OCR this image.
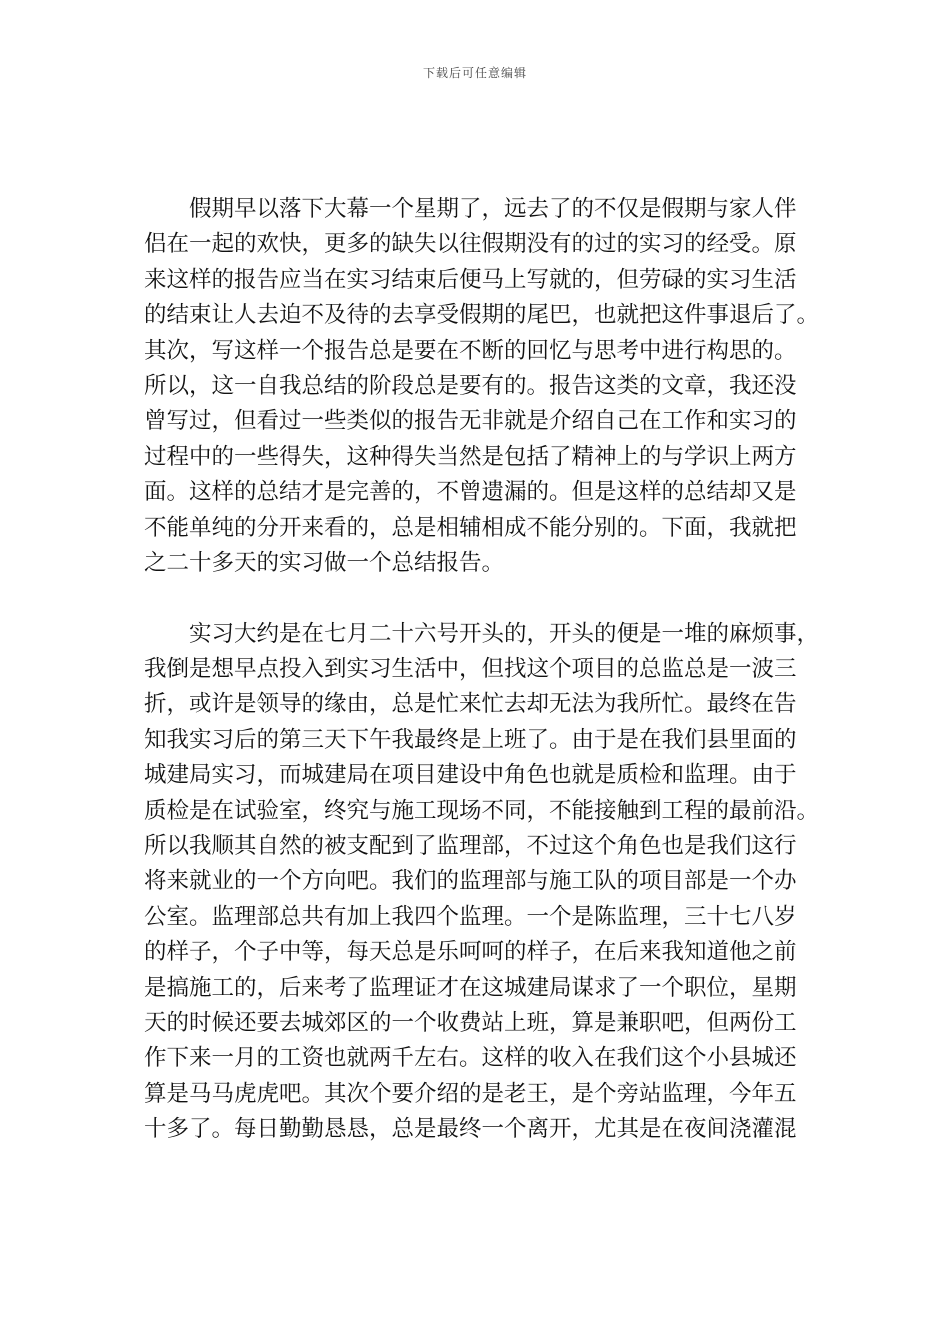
下载后可任意编辑
　　假期早以落下大幕一个星期了，远去了的不仅是假期与家人伴
侣在一起的欢快，更多的缺失以往假期没有的过的实习的经受。原
来这样的报告应当在实习结束后便马上写就的，但劳碌的实习生活
的结束让人去迫不及待的去享受假期的尾巴，也就把这件事退后了。
其次，写这样一个报告总是要在不断的回忆与思考中进行构思的。
所以，这一自我总结的阶段总是要有的。报告这类的文章，我还没
曾写过，但看过一些类似的报告无非就是介绍自己在工作和实习的
过程中的一些得失，这种得失当然是包括了精神上的与学识上两方
面。这样的总结才是完善的，不曾遗漏的。但是这样的总结却又是
不能单纯的分开来看的，总是相辅相成不能分别的。下面，我就把
之二十多天的实习做一个总结报告。
　　实习大约是在七月二十六号开头的，开头的便是一堆的麻烦事，
我倒是想早点投入到实习生活中，但找这个项目的总监总是一波三
折，或许是领导的缘由，总是忙来忙去却无法为我所忙。最终在告
知我实习后的第三天下午我最终是上班了。由于是在我们县里面的
城建局实习，而城建局在项目建设中角色也就是质检和监理。由于
质检是在试验室，终究与施工现场不同，不能接触到工程的最前沿。
所以我顺其自然的被支配到了监理部，不过这个角色也是我们这行
将来就业的一个方向吧。我们的监理部与施工队的项目部是一个办
公室。监理部总共有加上我四个监理。一个是陈监理，三十七八岁
的样子，个子中等，每天总是乐呵呵的样子，在后来我知道他之前
是搞施工的，后来考了监理证才在这城建局谋求了一个职位，星期
天的时候还要去城郊区的一个收费站上班，算是兼职吧，但两份工
作下来一月的工资也就两千左右。这样的收入在我们这个小县城还
算是马马虎虎吧。其次个要介绍的是老王，是个旁站监理，今年五
十多了。每日勤勤恳恳，总是最终一个离开，尤其是在夜间浇灌混
